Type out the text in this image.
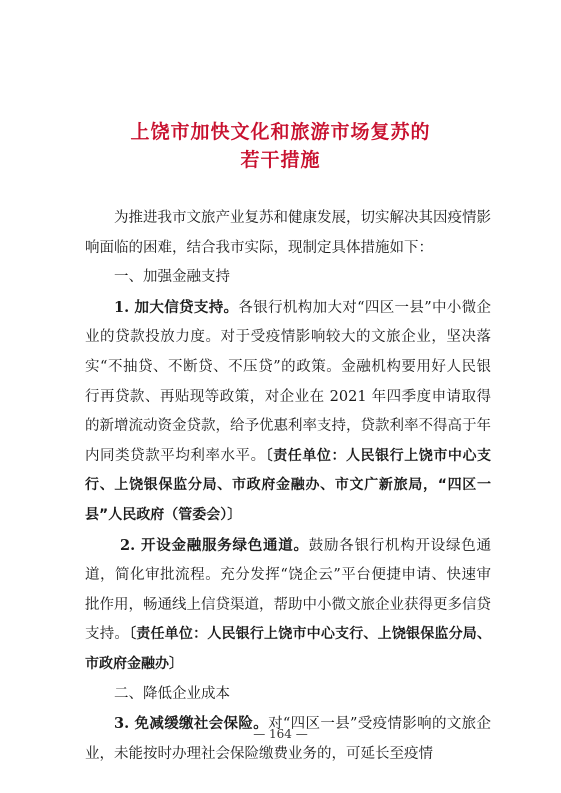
上饶市加快文化和旅游市场复苏的
若干措施

为推进我市文旅产业复苏和健康发展，切实解决其因疫情影响面临的困难，结合我市实际，现制定具体措施如下：

一、加强金融支持

1. 加大信贷支持。各银行机构加大对“四区一县”中小微企业的贷款投放力度。对于受疫情影响较大的文旅企业，坚决落实“不抽贷、不断贷、不压贷”的政策。金融机构要用好人民银行再贷款、再贴现等政策，对企业在 2021 年四季度申请取得的新增流动资金贷款，给予优惠利率支持，贷款利率不得高于年内同类贷款平均利率水平。〔责任单位：人民银行上饶市中心支行、上饶银保监分局、市政府金融办、市文广新旅局，“四区一县”人民政府（管委会）〕

2. 开设金融服务绿色通道。鼓励各银行机构开设绿色通道，简化审批流程。充分发挥“饶企云”平台便捷申请、快速审批作用，畅通线上信贷渠道，帮助中小微文旅企业获得更多信贷支持。〔责任单位：人民银行上饶市中心支行、上饶银保监分局、市政府金融办〕

二、降低企业成本

3. 免减缓缴社会保险。对“四区一县”受疫情影响的文旅企业，未能按时办理社会保险缴费业务的，可延长至疫情

— 164 —
